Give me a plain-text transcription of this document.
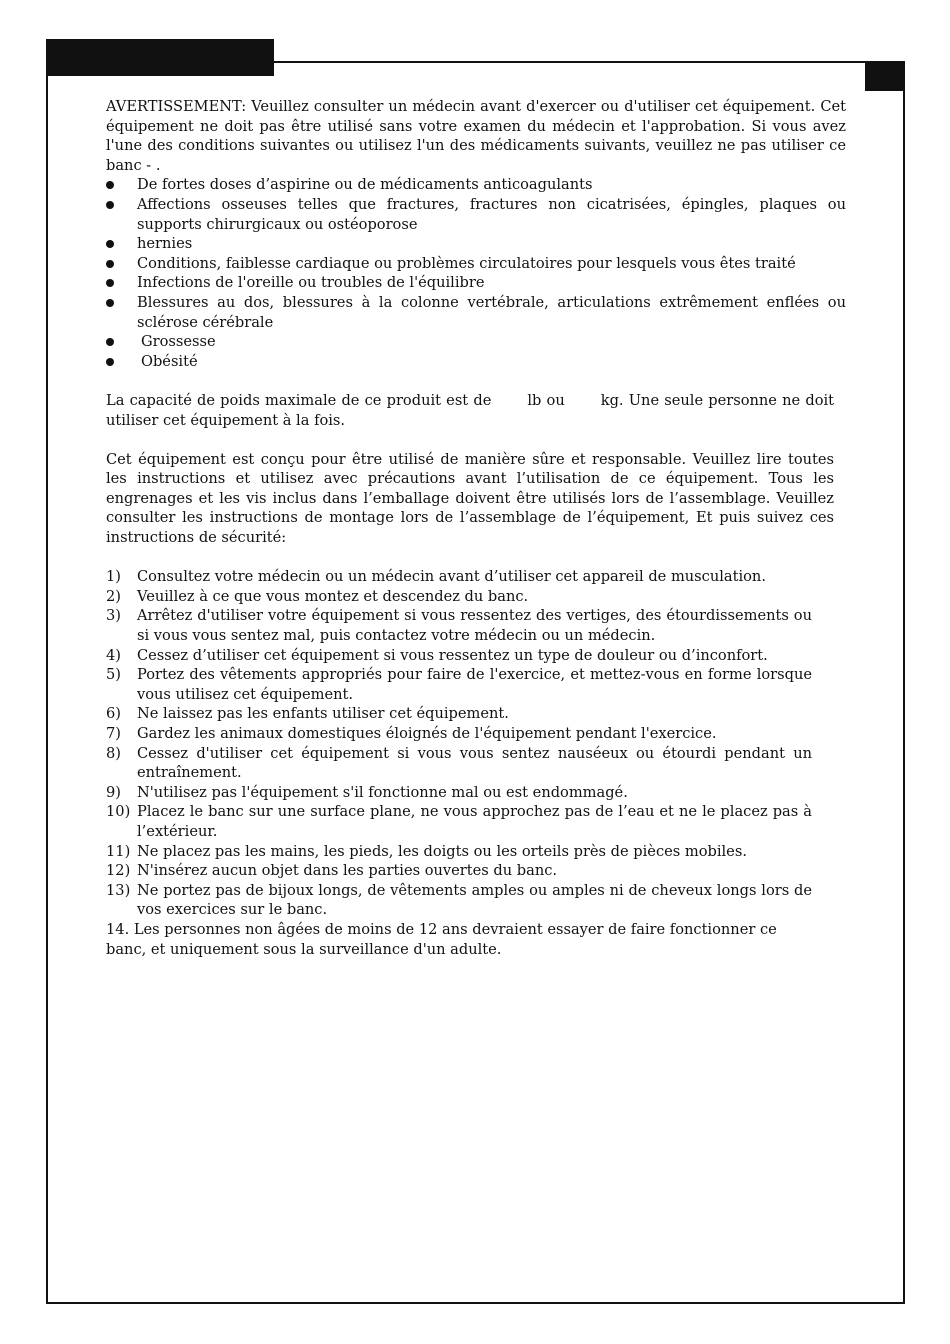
AVERTISSEMENT: Veuillez consulter un médecin avant d'exercer ou d'utiliser cet équipement. Cet équipement ne doit pas être utilisé sans votre examen du médecin et l'approbation. Si vous avez l'une des conditions suivantes ou utilisez l'un des médicaments suivants, veuillez ne pas utiliser ce banc - .

De fortes doses d’aspirine ou de médicaments anticoagulants
Affections osseuses telles que fractures, fractures non cicatrisées, épingles, plaques ou supports chirurgicaux ou ostéoporose
hernies
Conditions, faiblesse cardiaque ou problèmes circulatoires pour lesquels vous êtes traité
Infections de l'oreille ou troubles de l'équilibre
Blessures au dos, blessures à la colonne vertébrale, articulations extrêmement enflées ou sclérose cérébrale
Grossesse
Obésité

La capacité de poids maximale de ce produit est de lb ou kg. Une seule personne ne doit utiliser cet équipement à la fois.

Cet équipement est conçu pour être utilisé de manière sûre et responsable. Veuillez lire toutes les instructions et utilisez avec précautions avant l’utilisation de ce équipement. Tous les engrenages et les vis inclus dans l’emballage doivent être utilisés lors de l’assemblage. Veuillez consulter les instructions de montage lors de l’assemblage de l’équipement, Et puis suivez ces instructions de sécurité:

1) Consultez votre médecin ou un médecin avant d’utiliser cet appareil de musculation.
2) Veuillez à ce que vous montez et descendez du banc.
3) Arrêtez d'utiliser votre équipement si vous ressentez des vertiges, des étourdissements ou si vous vous sentez mal, puis contactez votre médecin ou un médecin.
4) Cessez d’utiliser cet équipement si vous ressentez un type de douleur ou d’inconfort.
5) Portez des vêtements appropriés pour faire de l'exercice, et mettez-vous en forme lorsque vous utilisez cet équipement.
6) Ne laissez pas les enfants utiliser cet équipement.
7) Gardez les animaux domestiques éloignés de l'équipement pendant l'exercice.
8) Cessez d'utiliser cet équipement si vous vous sentez nauséeux ou étourdi pendant un entraînement.
9) N'utilisez pas l'équipement s'il fonctionne mal ou est endommagé.
10) Placez le banc sur une surface plane, ne vous approchez pas de l’eau et ne le placez pas à l’extérieur.
11) Ne placez pas les mains, les pieds, les doigts ou les orteils près de pièces mobiles.
12) N'insérez aucun objet dans les parties ouvertes du banc.
13) Ne portez pas de bijoux longs, de vêtements amples ou amples ni de cheveux longs lors de vos exercices sur le banc.

14. Les personnes non âgées de moins de 12 ans devraient essayer de faire fonctionner ce banc, et uniquement sous la surveillance d'un adulte.
